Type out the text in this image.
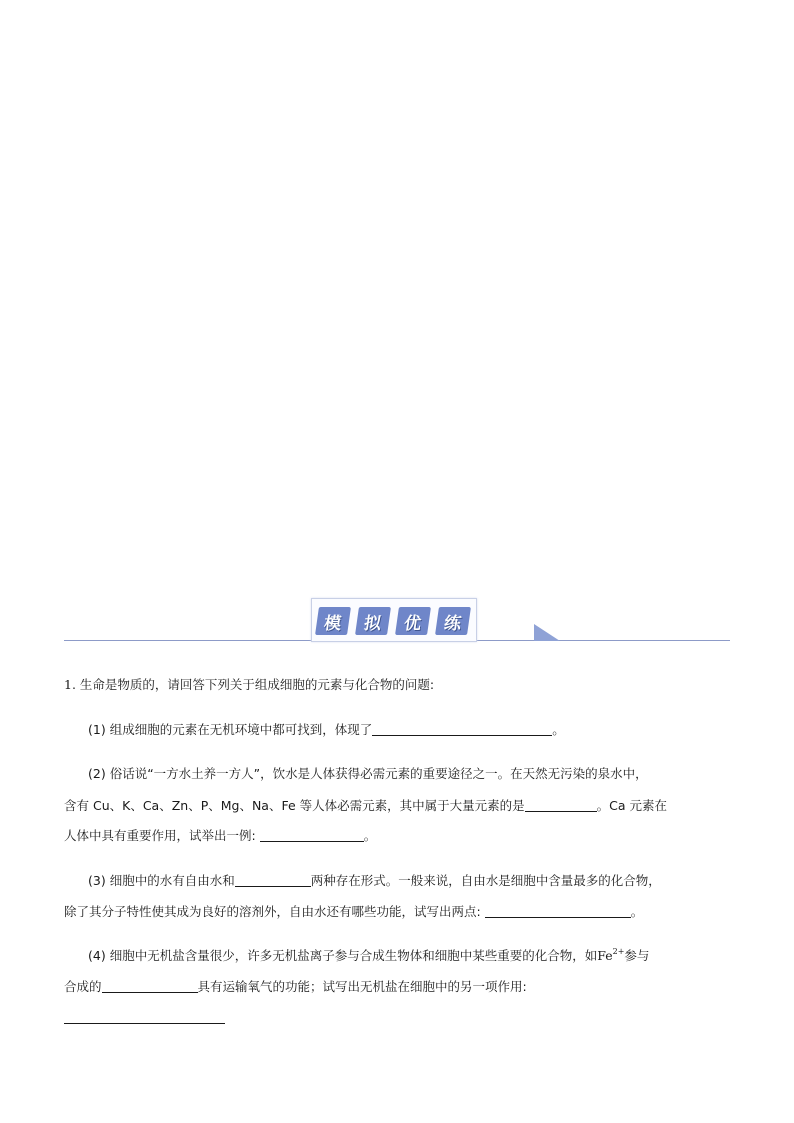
模	拟	优	练
1. 生命是物质的，请回答下列关于组成细胞的元素与化合物的问题:
(1) 组成细胞的元素在无机环境中都可找到，体现了	。
(2) 俗话说“一方水土养一方人”，饮水是人体获得必需元素的重要途径之一。在天然无污染的泉水中，
含有 Cu、K、Ca、Zn、P、Mg、Na、Fe 等人体必需元素，其中属于大量元素的是	。Ca 元素在
人体中具有重要作用，试举出一例:	。
(3) 细胞中的水有自由水和	两种存在形式。一般来说，自由水是细胞中含量最多的化合物，
除了其分子特性使其成为良好的溶剂外，自由水还有哪些功能，试写出两点:	。
(4) 细胞中无机盐含量很少，许多无机盐离子参与合成生物体和细胞中某些重要的化合物，如$Fe^{2+}$参与
合成的	具有运输氧气的功能；试写出无机盐在细胞中的另一项作用:
